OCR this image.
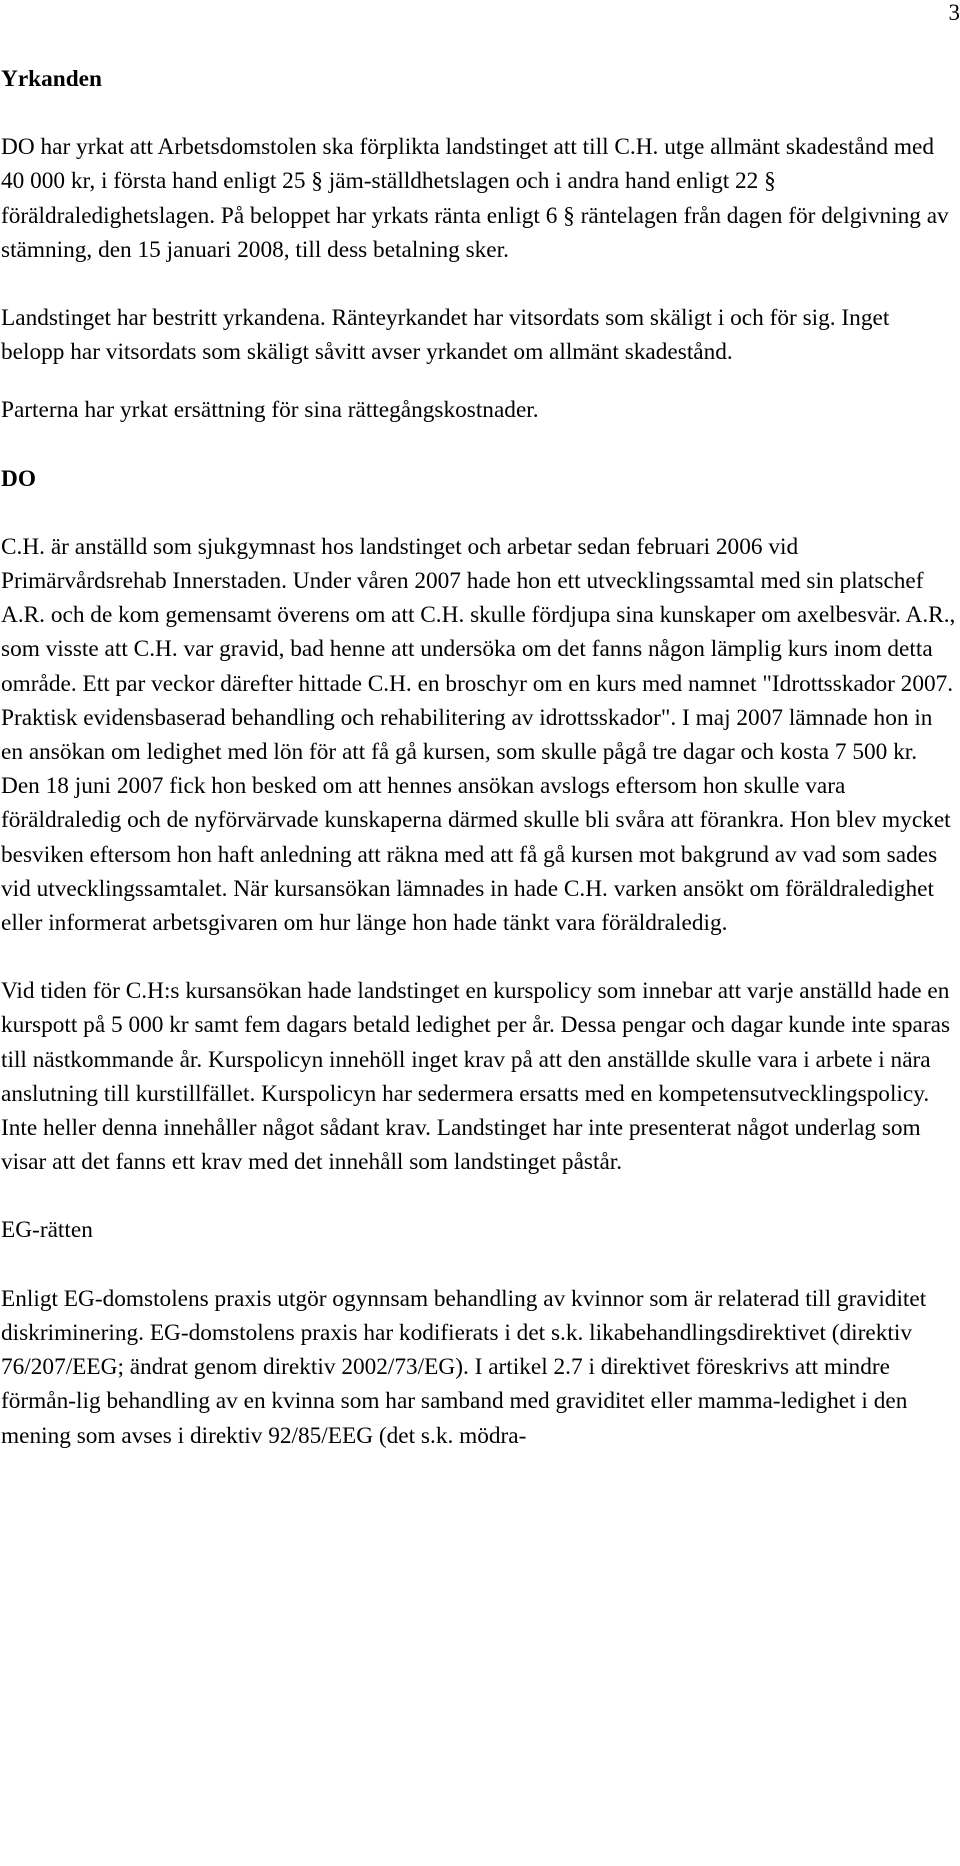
3

Yrkanden

DO har yrkat att Arbetsdomstolen ska förplikta landstinget att till C.H. utge allmänt skadestånd med 40 000 kr, i första hand enligt 25 § jäm-ställdhetslagen och i andra hand enligt 22 § föräldraledighetslagen. På beloppet har yrkats ränta enligt 6 § räntelagen från dagen för delgivning av stämning, den 15 januari 2008, till dess betalning sker.

Landstinget har bestritt yrkandena. Ränteyrkandet har vitsordats som skäligt i och för sig. Inget belopp har vitsordats som skäligt såvitt avser yrkandet om allmänt skadestånd.

Parterna har yrkat ersättning för sina rättegångskostnader.

DO

C.H. är anställd som sjukgymnast hos landstinget och arbetar sedan februari 2006 vid Primärvårdsrehab Innerstaden. Under våren 2007 hade hon ett utvecklingssamtal med sin platschef A.R. och de kom gemensamt överens om att C.H. skulle fördjupa sina kunskaper om axelbesvär. A.R., som visste att C.H. var gravid, bad henne att undersöka om det fanns någon lämplig kurs inom detta område. Ett par veckor därefter hittade C.H. en broschyr om en kurs med namnet "Idrottsskador 2007. Praktisk evidensbaserad behandling och rehabilitering av idrottsskador". I maj 2007 lämnade hon in en ansökan om ledighet med lön för att få gå kursen, som skulle pågå tre dagar och kosta 7 500 kr. Den 18 juni 2007 fick hon besked om att hennes ansökan avslogs eftersom hon skulle vara föräldraledig och de nyförvärvade kunskaperna därmed skulle bli svåra att förankra. Hon blev mycket besviken eftersom hon haft anledning att räkna med att få gå kursen mot bakgrund av vad som sades vid utvecklingssamtalet. När kursansökan lämnades in hade C.H. varken ansökt om föräldraledighet eller informerat arbetsgivaren om hur länge hon hade tänkt vara föräldraledig.

Vid tiden för C.H:s kursansökan hade landstinget en kurspolicy som innebar att varje anställd hade en kurspott på 5 000 kr samt fem dagars betald ledighet per år. Dessa pengar och dagar kunde inte sparas till nästkommande år. Kurspolicyn innehöll inget krav på att den anställde skulle vara i arbete i nära anslutning till kurstillfället. Kurspolicyn har sedermera ersatts med en kompetensutvecklingspolicy. Inte heller denna innehåller något sådant krav. Landstinget har inte presenterat något underlag som visar att det fanns ett krav med det innehåll som landstinget påstår.

EG-rätten

Enligt EG-domstolens praxis utgör ogynnsam behandling av kvinnor som är relaterad till graviditet diskriminering. EG-domstolens praxis har kodifierats i det s.k. likabehandlingsdirektivet (direktiv 76/207/EEG; ändrat genom direktiv 2002/73/EG). I artikel 2.7 i direktivet föreskrivs att mindre förmån-lig behandling av en kvinna som har samband med graviditet eller mamma-ledighet i den mening som avses i direktiv 92/85/EEG (det s.k. mödra-
